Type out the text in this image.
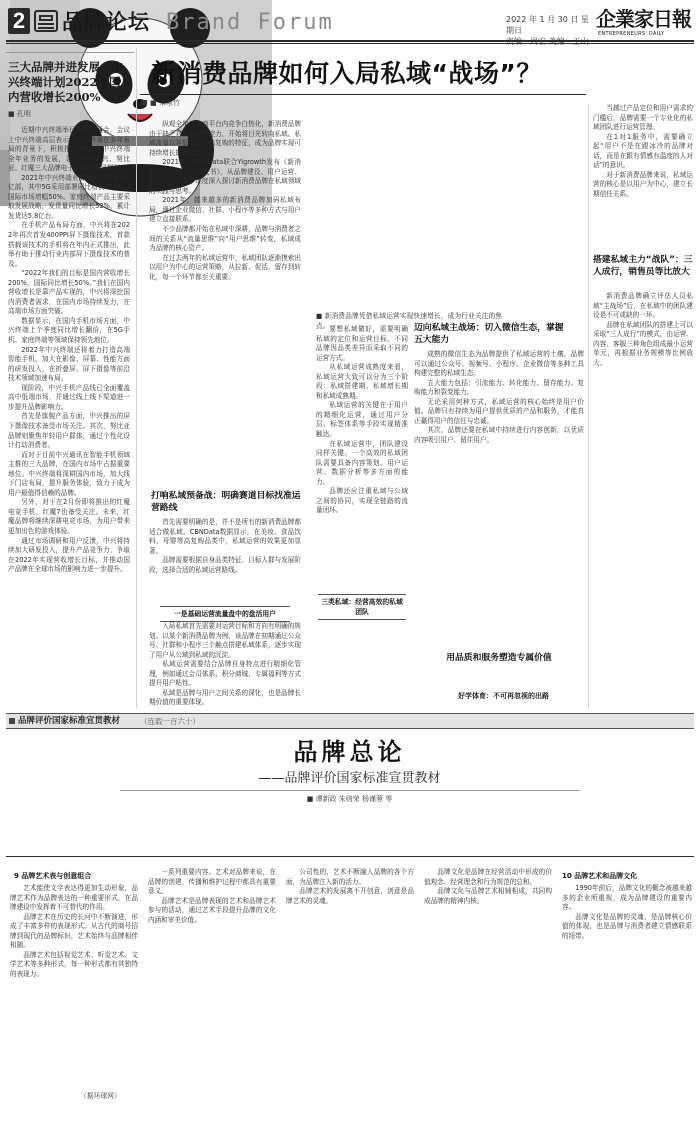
2 品牌论坛 Brand Forum	2022 年 1 月 30 日 星期日	企業家日報
ENTREPRENEURS' DAILY
三大品牌并进发展，中兴终端计划2022年国内营收增长200%

近期中兴终端举行媒体沟通会，会议上中兴终端高层表示，中兴终端在多年布局的背景下，积极推进2022年中兴终端全年业务的发展，以及数字中兴、努比亚、红魔三大品牌电子品牌的发展规划。

2021年中兴终端业务全年出货量超1亿部，其中5G采用部署同比增长150%，国际市场增幅50%。家庭终端产品主要采取发展战略，发货量同比增长52%，累计发货达5.8亿台。

在手机产品布局方面，中兴将在2022年再次首发400PPI屏下摄像技术，首款搭载该技术的手机将在年内正式推出，此举有助于推动行业内部屏下摄像技术的普及。

“2022年我们的目标是国内营收增长200%，国际同比增长50%。”我们在国内营收增长是靠产品实现的，中兴将深挖国内消费者需求，在国内市场持续发力，在高端市场方面突破。

数据显示，在国内手机市场方面，中兴终端上个季度同比增长翻倍，在5G手机、家庭终端等领域保持领先地位。

2022年中兴终端还将着力打造高端智能手机，加大在影像、屏幕、性能方面的研发投入，在折叠屏、屏下摄像等前沿技术领域加速布局。

现阶段，中兴手机产品线已全面覆盖高中低端市场，并通过线上线下渠道进一步提升品牌影响力。

首先是旗舰产品方面，中兴推出的屏下摄像技术备受市场关注。其次，努比亚品牌则聚焦年轻用户群体，通过个性化设计打动消费者。

而对于目前中兴通讯在智能手机领域主推的三大品牌，在国内市场中占据重要地位。中兴终端将深耕国内市场，加大线下门店布局，提升服务体验，致力于成为用户最值得信赖的品牌。

另外，对于在2月份即将推出的红魔电竞手机，红魔7也备受关注。未来，红魔品牌将继续深耕电竞市场，为用户带来更加出色的游戏体验。

通过市场调研和用户反馈，中兴将持续加大研发投入，提升产品竞争力，争取在2022年实现营收增长目标，并推动国产品牌在全球市场的影响力进一步提升。

■ 孔明
（据环球网）
新消费品牌如何入局私域“战场”？
■ 宋寒竹
■ 新消费品牌凭借私域运营实现快速增长，成为行业关注的焦点。

纵观全年，电商平台内竞争白热化，新消费品牌由于缺乏对流量的把控力，开始将目光转向私域。私域流量以其低成本、高复购的特征，成为品牌实现可持续增长的重要方式。

2021年，CBNData联合Yigrowth发布《新消费品牌私域运营白皮书》，从品牌建设、用户运营、数据分析等多个维度深入探讨新消费品牌在私域领域的实践与思考。

2021年，越来越多的新消费品牌加码私域布局，通过企业微信、社群、小程序等多种方式与用户建立直接联系。

不少品牌都开始在私域中深耕，品牌与消费者之间的关系从“流量思维”向“用户思维”转变，私域成为品牌的核心资产。

在过去两年的私域运营中，私域团队逐渐摸索出以用户为中心的运营策略，从拉新、促活、留存到转化，每一个环节都至关重要。

打响私域预备战：明确赛道目标找准运营路线

首先需要明确的是，并不是所有的新消费品牌都适合做私域。CBNData数据显示，在美妆、食品饮料、母婴等高复购品类中，私域运营的效果更加显著。

品牌需要根据自身品类特征、目标人群与发展阶段，选择合适的私域运营路线。

一是基础运营流量盘中的盘活用户

入局私域首先需要对运营目标和方向有明确的规划。以某个新消费品牌为例，该品牌在初期通过公众号、社群和小程序三个触点搭建私域体系，逐步实现了用户从公域到私域的沉淀。

私域运营需要结合品牌自身特点进行精细化管理，例如通过会员体系、积分商城、专属福利等方式提升用户粘性。

私域是品牌与用户之间关系的深化，也是品牌长期价值的重要体现。

要想私域做好，需要明确私域的定位和运营目标，不同品牌因品类差异而采取不同的运营方式。

从私域运营成熟度来看，私域运营大致可以分为三个阶段：私域搭建期、私域增长期和私域成熟期。

私域运营的关键在于用户的精细化运营，通过用户分层、标签体系等手段实现精准触达。

在私域运营中，团队建设同样关键。一个高效的私域团队需要具备内容策划、用户运营、数据分析等多方面的能力。

品牌还应注重私域与公域之间的协同，实现全链路的流量闭环。

三类私域：经营高效的私域团队
迈向私域主战场：切入微信生态，掌握五大能力

成熟的微信生态为品牌提供了私域运营的土壤。品牌可以通过公众号、视频号、小程序、企业微信等多种工具构建完整的私域生态。

五大能力包括：引流能力、转化能力、留存能力、复购能力和裂变能力。

无论采用何种方式，私域运营的核心始终是用户价值。品牌只有持续为用户提供优质的产品和服务，才能真正赢得用户的信任与忠诚。

其次，品牌还要在私域中持续进行内容创新，以优质内容吸引用户、留住用户。

用品质和服务塑造专属价值
好学体育：不可再忽视的出路

当越过产品定位和用户需求的门槛后，品牌需要一个专业化的私域团队进行运营管理。

在1对1服务中，需要确立起“用户不是在跟冰冷的品牌对话，而是在跟有情感有温度的人对话”的意识。

对于新消费品牌来说，私域运营的核心是以用户为中心，建立长期信任关系。

搭建私域主力“战队”：三人成行，销售员等比放大

新消费品牌确立评估人员私域“主战场”后，在私域中的团队建设是不可或缺的一环。

品牌在私域团队的搭建上可以采取“三人成行”的模式，由运营、内容、客服三种角色组成最小运营单元，再根据业务规模等比例放大。

品牌评价国家标准宣贯教材	（连载一百六十）
品牌总论
——品牌评价国家标准宣贯教材
■ 谭新政 朱则荣 杨谨蓉 等
9 品牌艺术表与创意组合

艺术能使文字表达得更加生动形象，品牌艺术作为品牌表达的一种重要形式，在品牌建设中发挥着不可替代的作用。

品牌艺术在历史的长河中不断演进，形成了丰富多样的表现形式。从古代的商号招牌到现代的品牌标识，艺术始终与品牌相伴相随。

品牌艺术包括视觉艺术、听觉艺术、文学艺术等多种形式，每一种形式都有其独特的表现力。

一系列重要内容。艺术对品牌来说，在品牌的创建、传播和维护过程中都具有重要意义。

品牌艺术是品牌表现的艺术和品牌艺术参与的活动，通过艺术手段提升品牌的文化内涵和审美价值。

公司性的，艺术不断融入品牌的各个方面，为品牌注入新的活力。

品牌艺术的发展离不开创意，创意是品牌艺术的灵魂。

品牌文化是品牌在经营活动中形成的价值观念、经营理念和行为规范的总和。

品牌文化与品牌艺术相辅相成，共同构成品牌的精神内核。

10 品牌艺术和品牌文化

1990年前后，品牌文化的概念被越来越多的企业所重视，成为品牌建设的重要内容。

品牌文化是品牌的灵魂，是品牌核心价值的体现，也是品牌与消费者建立情感联系的纽带。
